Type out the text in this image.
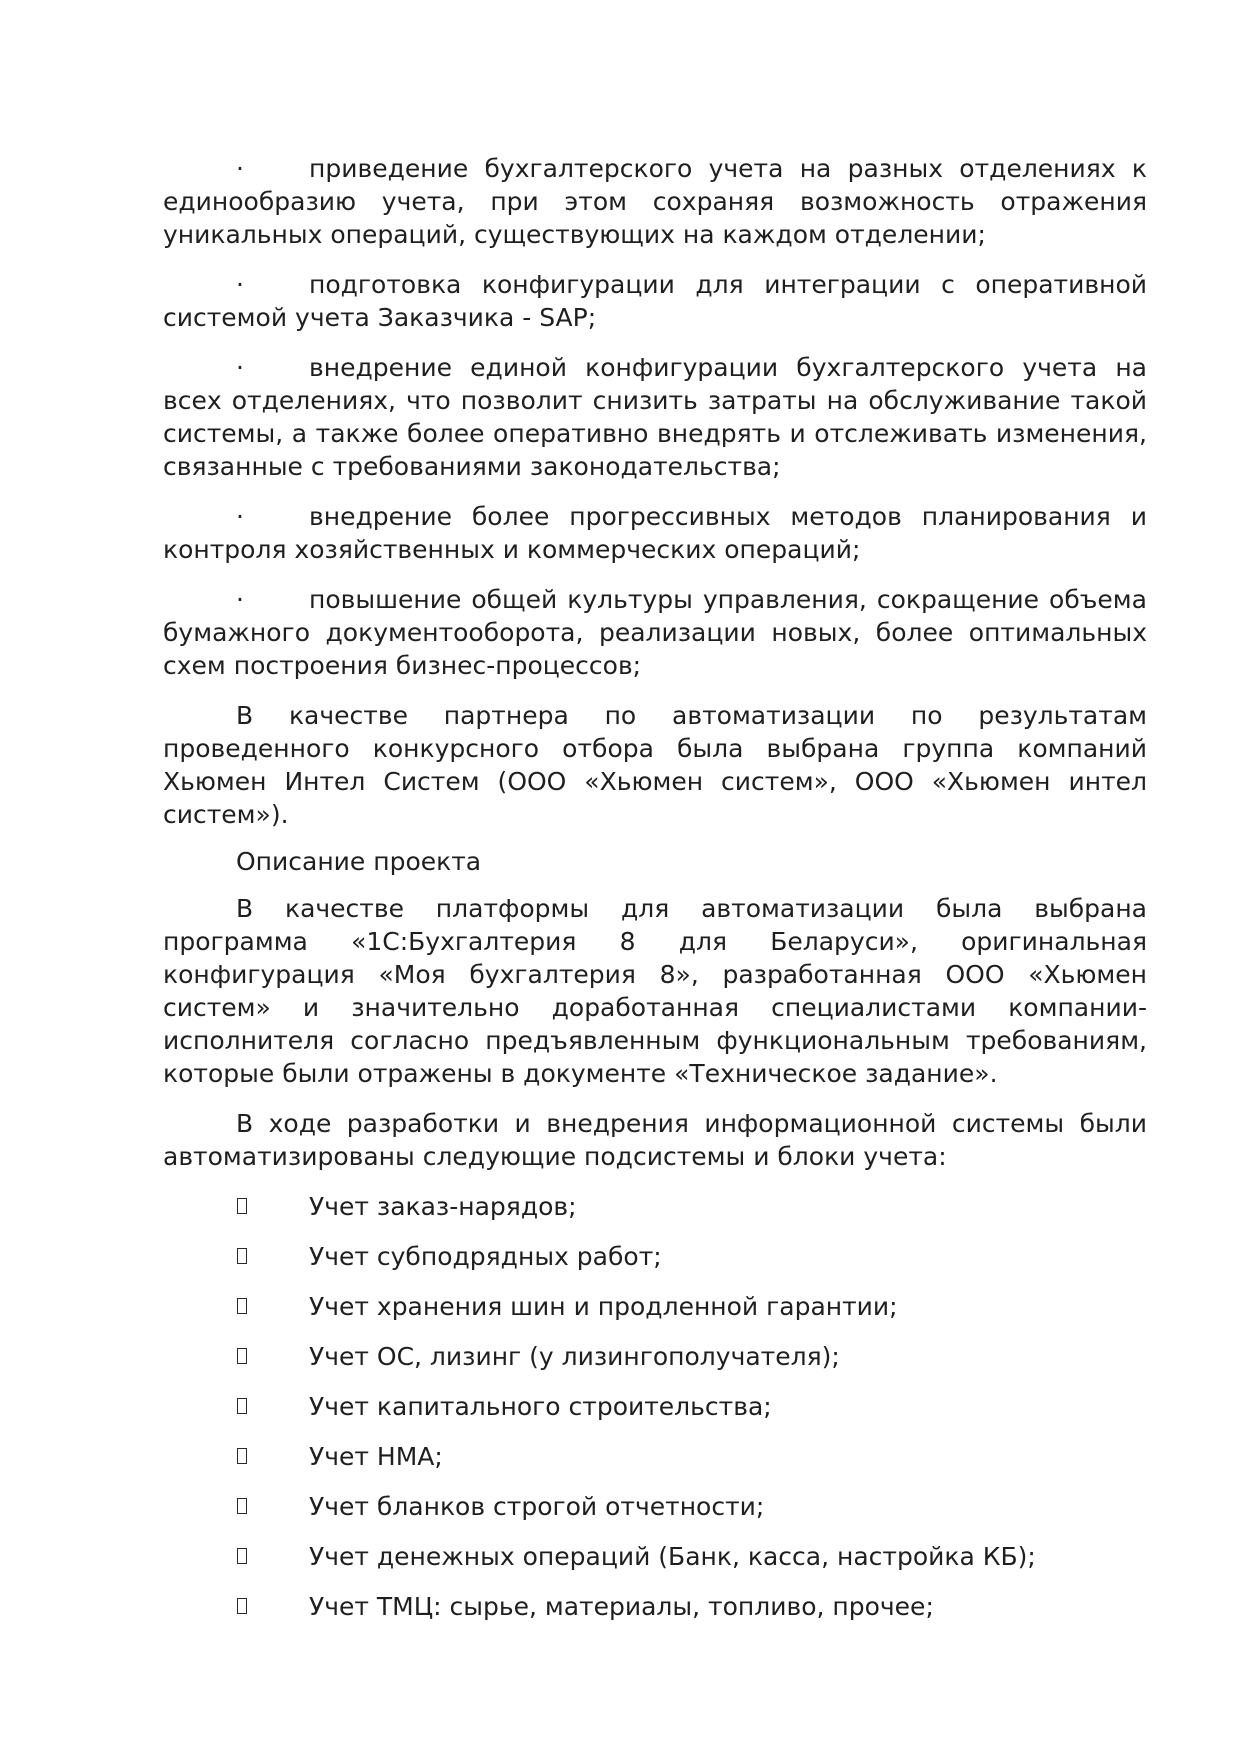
·	приведение бухгалтерского учета на разных отделениях к единообразию учета, при этом сохраняя возможность отражения уникальных операций, существующих на каждом отделении;

·	подготовка конфигурации для интеграции с оперативной системой учета Заказчика - SAP;

·	внедрение единой конфигурации бухгалтерского учета на всех отделениях, что позволит снизить затраты на обслуживание такой системы, а также более оперативно внедрять и отслеживать изменения, связанные с требованиями законодательства;

·	внедрение более прогрессивных методов планирования и контроля хозяйственных и коммерческих операций;

·	повышение общей культуры управления, сокращение объема бумажного документооборота, реализации новых, более оптимальных схем построения бизнес-процессов;

В качестве партнера по автоматизации по результатам проведенного конкурсного отбора была выбрана группа компаний Хьюмен Интел Систем (ООО «Хьюмен систем», ООО «Хьюмен интел систем»).

Описание проекта

В качестве платформы для автоматизации была выбрана программа «1С:Бухгалтерия 8 для Беларуси», оригинальная конфигурация «Моя бухгалтерия 8», разработанная ООО «Хьюмен систем» и значительно доработанная специалистами компании-исполнителя согласно предъявленным функциональным требованиям, которые были отражены в документе «Техническое задание».

В ходе разработки и внедрения информационной системы были автоматизированы следующие подсистемы и блоки учета:

Учет заказ-нарядов;
Учет субподрядных работ;
Учет хранения шин и продленной гарантии;
Учет ОС, лизинг (у лизингополучателя);
Учет капитального строительства;
Учет НМА;
Учет бланков строгой отчетности;
Учет денежных операций (Банк, касса, настройка КБ);
Учет ТМЦ: сырье, материалы, топливо, прочее;
